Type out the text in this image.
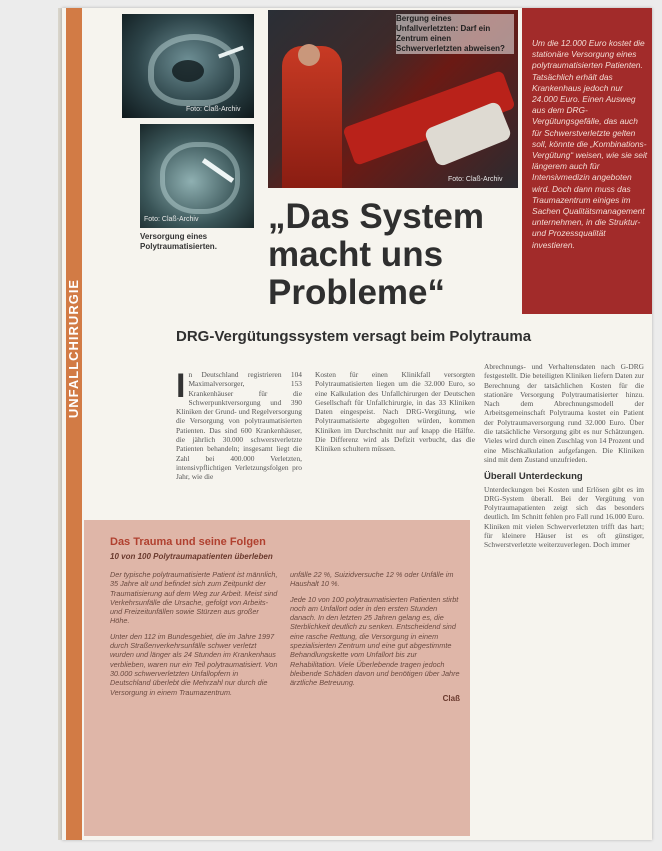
UNFALLCHIRURGIE
Foto: Claß-Archiv
Foto: Claß-Archiv
Versorgung eines Polytraumatisierten.
Bergung eines Unfallverletzten: Darf ein Zentrum einen Schwerverletzten abweisen?
Foto: Claß-Archiv
„Das System
macht uns
Probleme“

Um die 12.000 Euro kostet die stationäre Versorgung eines polytraumatisierten Patienten. Tatsächlich erhält das Krankenhaus jedoch nur 24.000 Euro. Einen Ausweg aus dem DRG-Vergütungsgefälle, das auch für Schwerstverletzte gelten soll, könnte die „Kombinations-Vergütung“ weisen, wie sie seit längerem auch für Intensivmedizin angeboten wird. Doch dann muss das Traumazentrum einiges im Sachen Qualitätsmanagement unternehmen, in die Struktur- und Prozessqualität investieren.

DRG-Vergütungssystem versagt beim Polytrauma
I n Deutschland registrieren 104 Maximalversorger, 153 Krankenhäuser für die Schwerpunktversorgung und 390 Kliniken der Grund- und Regelversorgung die Versorgung von polytraumatisierten Patienten. Das sind 600 Krankenhäuser, die jährlich 30.000 schwerstverletzte Patienten behandeln; insgesamt liegt die Zahl bei 400.000 Verletzten, intensivpflichtigen Verletzungsfolgen pro Jahr, wie die

Kosten für einen Klinikfall versorgten Polytraumatisierten liegen um die 32.000 Euro, so eine Kalkulation des Unfallchirurgen der Deutschen Gesellschaft für Unfallchirurgie, in das 33 Kliniken Daten eingespeist. Nach DRG-Vergütung, wie Polytraumatisierte abgegolten würden, kommen Kliniken im Durchschnitt nur auf knapp die Hälfte. Die Differenz wird als Defizit verbucht, das die Kliniken schultern müssen.

Abrechnungs- und Verhaltensdaten nach G-DRG festgestellt. Die beteiligten Kliniken liefern Daten zur Berechnung der tatsächlichen Kosten für die stationäre Versorgung Polytraumatisierter hinzu. Nach dem Abrechnungsmodell der Arbeitsgemeinschaft Polytrauma kostet ein Patient der Polytraumaversorgung rund 32.000 Euro. Über die tatsächliche Versorgung gibt es nur Schätzungen. Vieles wird durch einen Zuschlag von 14 Prozent und eine Mischkalkulation aufgefangen. Die Kliniken sind mit dem Zustand unzufrieden.

Überall Unterdeckung

Unterdeckungen bei Kosten und Erlösen gibt es im DRG-System überall. Bei der Vergütung von Polytraumapatienten zeigt sich das besonders deutlich. Im Schnitt fehlen pro Fall rund 16.000 Euro. Kliniken mit vielen Schwerverletzten trifft das hart; für kleinere Häuser ist es oft günstiger, Schwerstverletzte weiterzuverlegen. Doch immer

Das Trauma und seine Folgen
10 von 100 Polytraumapatienten überleben

Der typische polytraumatisierte Patient ist männlich, 35 Jahre alt und befindet sich zum Zeitpunkt der Traumatisierung auf dem Weg zur Arbeit. Meist sind Verkehrsunfälle die Ursache, gefolgt von Arbeits- und Freizeitunfällen sowie Stürzen aus großer Höhe.

Unter den 112 im Bundesgebiet, die im Jahre 1997 durch Straßenverkehrsunfälle schwer verletzt wurden und länger als 24 Stunden im Krankenhaus verblieben, waren nur ein Teil polytraumatisiert. Von 30.000 schwerverletzten Unfallopfern in Deutschland überlebt die Mehrzahl nur durch die Versorgung in einem Traumazentrum.

unfälle 22 %, Suizidversuche 12 % oder Unfälle im Haushalt 10 %.

Jede 10 von 100 polytraumatisierten Patienten stirbt noch am Unfallort oder in den ersten Stunden danach. In den letzten 25 Jahren gelang es, die Sterblichkeit deutlich zu senken. Entscheidend sind eine rasche Rettung, die Versorgung in einem spezialisierten Zentrum und eine gut abgestimmte Behandlungskette vom Unfallort bis zur Rehabilitation. Viele Überlebende tragen jedoch bleibende Schäden davon und benötigen über Jahre ärztliche Betreuung.

Claß
